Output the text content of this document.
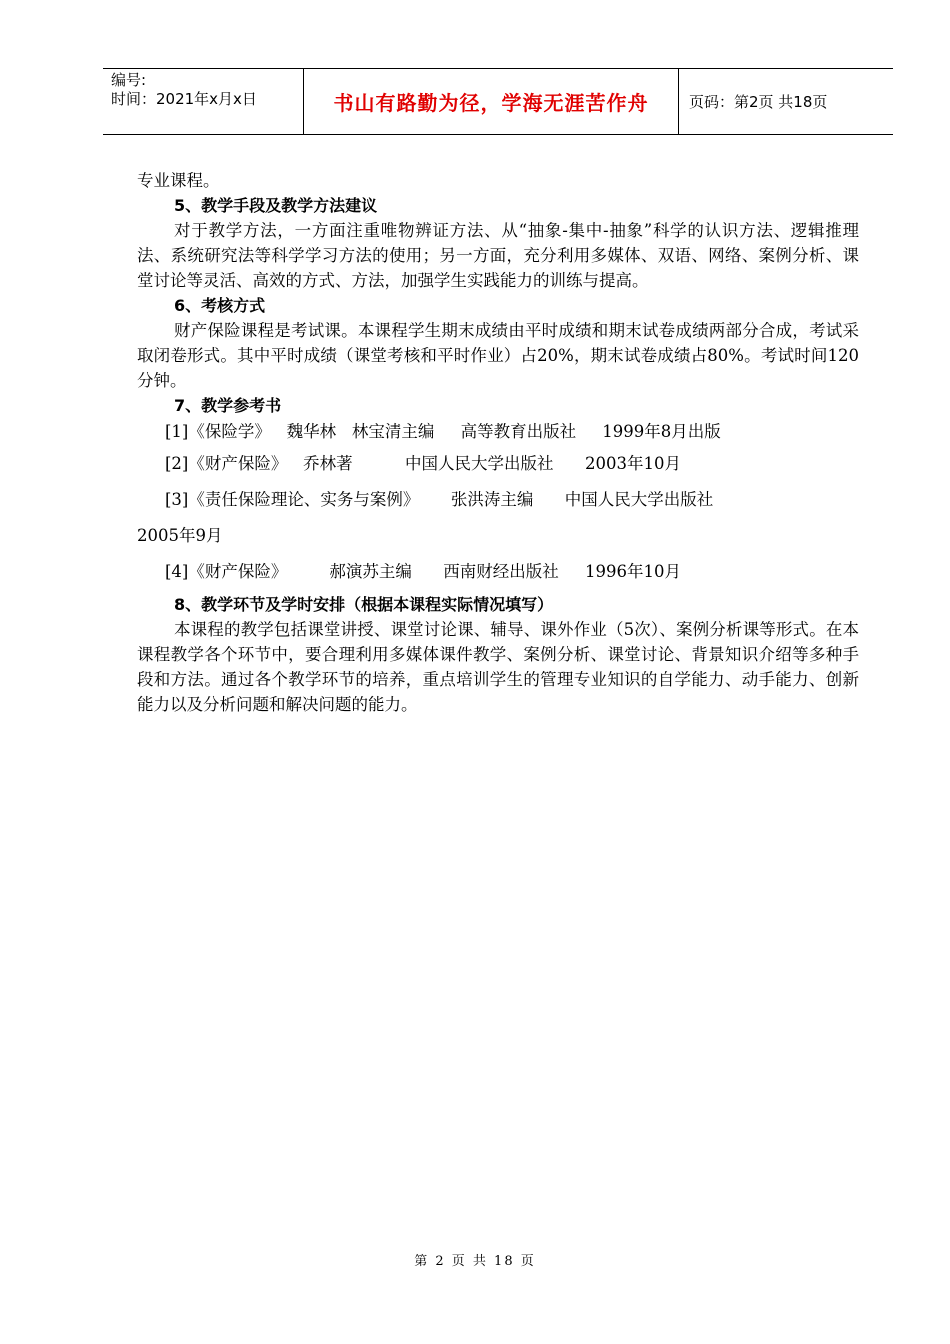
编号:
时间：2021年x月x日	书山有路勤为径，学海无涯苦作舟	页码：第2页 共18页

专业课程。

5、教学手段及教学方法建议

对于教学方法，一方面注重唯物辨证方法、从“抽象-集中-抽象”科学的认识方法、逻辑推理法、系统研究法等科学学习方法的使用；另一方面，充分利用多媒体、双语、网络、案例分析、课堂讨论等灵活、高效的方式、方法，加强学生实践能力的训练与提高。

6、考核方式

财产保险课程是考试课。本课程学生期末成绩由平时成绩和期末试卷成绩两部分合成，考试采取闭卷形式。其中平时成绩（课堂考核和平时作业）占20%，期末试卷成绩占80%。考试时间120分钟。

7、教学参考书

[1]《保险学》   魏华林   林宝清主编     高等教育出版社     1999年8月出版

[2]《财产保险》   乔林著          中国人民大学出版社      2003年10月

[3]《责任保险理论、实务与案例》      张洪涛主编      中国人民大学出版社

2005年9月

[4]《财产保险》        郝演苏主编      西南财经出版社     1996年10月

8、教学环节及学时安排（根据本课程实际情况填写）

本课程的教学包括课堂讲授、课堂讨论课、辅导、课外作业（5次）、案例分析课等形式。在本课程教学各个环节中，要合理利用多媒体课件教学、案例分析、课堂讨论、背景知识介绍等多种手段和方法。通过各个教学环节的培养，重点培训学生的管理专业知识的自学能力、动手能力、创新能力以及分析问题和解决问题的能力。

第 2 页 共 18 页
